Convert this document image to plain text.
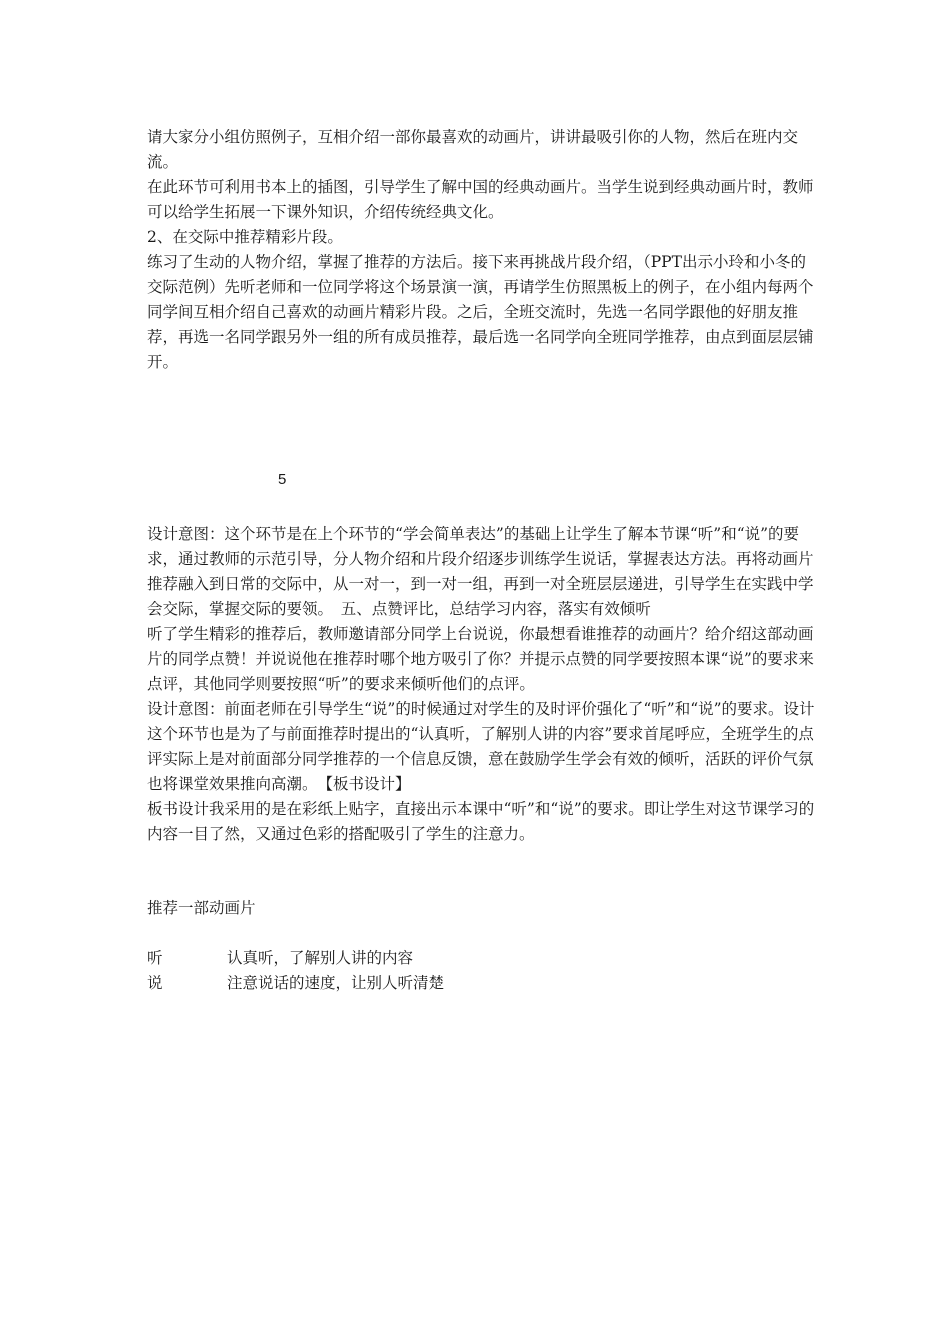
请大家分小组仿照例子，互相介绍一部你最喜欢的动画片，讲讲最吸引你的人物，然后在班内交流。

在此环节可利用书本上的插图，引导学生了解中国的经典动画片。当学生说到经典动画片时，教师可以给学生拓展一下课外知识，介绍传统经典文化。

2、在交际中推荐精彩片段。

练习了生动的人物介绍，掌握了推荐的方法后。接下来再挑战片段介绍，（PPT出示小玲和小冬的交际范例）先听老师和一位同学将这个场景演一演，再请学生仿照黑板上的例子，在小组内每两个同学间互相介绍自己喜欢的动画片精彩片段。之后，全班交流时，先选一名同学跟他的好朋友推荐，再选一名同学跟另外一组的所有成员推荐，最后选一名同学向全班同学推荐，由点到面层层铺开。

5

设计意图：这个环节是在上个环节的“学会简单表达”的基础上让学生了解本节课“听”和“说”的要求，通过教师的示范引导，分人物介绍和片段介绍逐步训练学生说话，掌握表达方法。再将动画片推荐融入到日常的交际中，从一对一，到一对一组，再到一对全班层层递进，引导学生在实践中学会交际，掌握交际的要领。　五、点赞评比，总结学习内容，落实有效倾听

听了学生精彩的推荐后，教师邀请部分同学上台说说，你最想看谁推荐的动画片？给介绍这部动画片的同学点赞！并说说他在推荐时哪个地方吸引了你？并提示点赞的同学要按照本课“说”的要求来点评，其他同学则要按照“听”的要求来倾听他们的点评。

设计意图：前面老师在引导学生“说”的时候通过对学生的及时评价强化了“听”和“说”的要求。设计这个环节也是为了与前面推荐时提出的“认真听，了解别人讲的内容”要求首尾呼应，全班学生的点评实际上是对前面部分同学推荐的一个信息反馈，意在鼓励学生学会有效的倾听，活跃的评价气氛也将课堂效果推向高潮。　【板书设计】

板书设计我采用的是在彩纸上贴字，直接出示本课中“听”和“说”的要求。即让学生对这节课学习的内容一目了然，又通过色彩的搭配吸引了学生的注意力。

推荐一部动画片
听	认真听，了解别人讲的内容
说	注意说话的速度，让别人听清楚
